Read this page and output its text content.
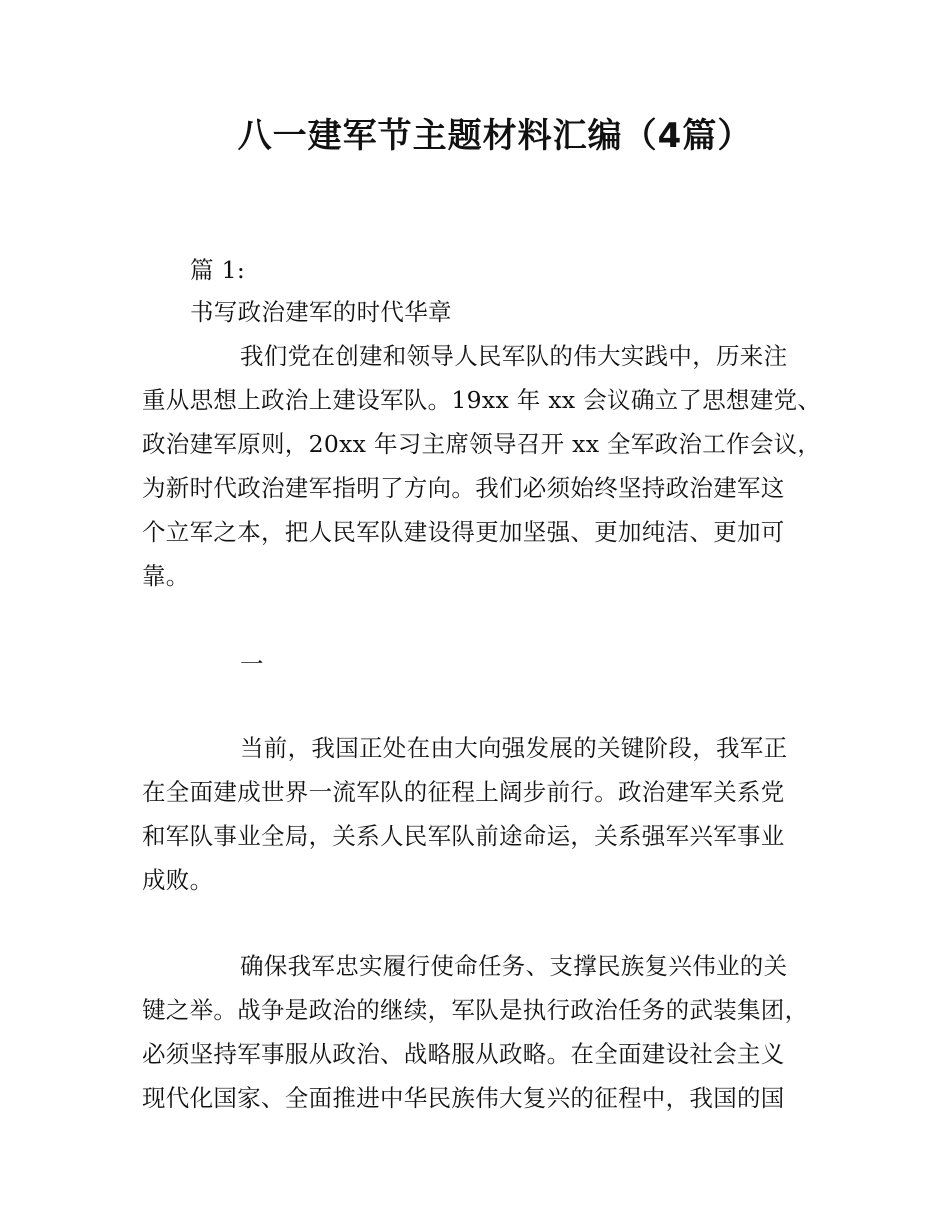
八一建军节主题材料汇编（4篇）
篇 1:
书写政治建军的时代华章
我们党在创建和领导人民军队的伟大实践中，历来注
重从思想上政治上建设军队。19xx 年 xx 会议确立了思想建党、
政治建军原则，20xx 年习主席领导召开 xx 全军政治工作会议，
为新时代政治建军指明了方向。我们必须始终坚持政治建军这
个立军之本，把人民军队建设得更加坚强、更加纯洁、更加可
靠。
一
当前，我国正处在由大向强发展的关键阶段，我军正
在全面建成世界一流军队的征程上阔步前行。政治建军关系党
和军队事业全局，关系人民军队前途命运，关系强军兴军事业
成败。
确保我军忠实履行使命任务、支撑民族复兴伟业的关
键之举。战争是政治的继续，军队是执行政治任务的武装集团，
必须坚持军事服从政治、战略服从政略。在全面建设社会主义
现代化国家、全面推进中华民族伟大复兴的征程中，我国的国
